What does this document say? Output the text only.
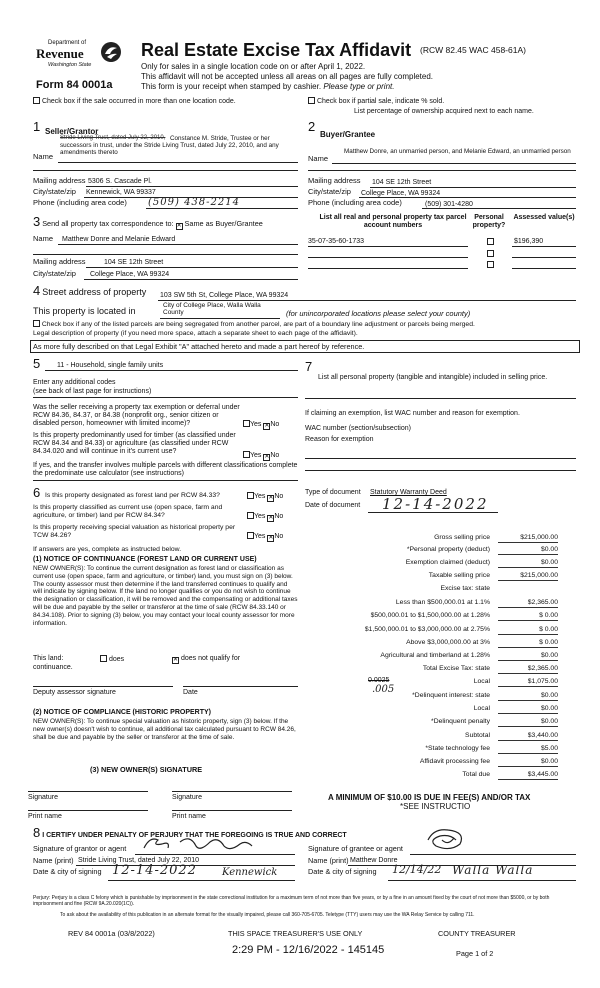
Department of
Revenue
Washington State
Form 84 0001a
Real Estate Excise Tax Affidavit (RCW 82.45 WAC 458-61A)
Only for sales in a single location code on or after April 1, 2022.
This affidavit will not be accepted unless all areas on all pages are fully completed.
This form is your receipt when stamped by cashier. Please type or print.
Check box if the sale occurred in more than one location code.	Check box if partial sale, indicate % sold.
List percentage of ownership acquired next to each name.
1 Seller/Grantor
Stride Living Trust, dated July 22, 2010, Constance M. Stride, Trustee or her successors in trust, under the Stride Living Trust, dated July 22, 2010, and any amendments thereto
Name
Mailing address 5306 S. Cascade Pl.
City/state/zip Kennewick, WA 99337
Phone (including area code) (509) 438-2214
2
Buyer/Grantee
Matthew Donre, an unmarried person, and Melanie Edward, an unmarried person
Name
Mailing address 104 SE 12th Street
City/state/zip College Place, WA 99324
Phone (including area code)	(509) 301-4280
3 Send all property tax correspondence to: ✕ Same as Buyer/Grantee
Name Matthew Donre and Melanie Edward
Mailing address	104 SE 12th Street
City/state/zip College Place, WA 99324
List all real and personal property tax parcel account numbers
Personal property?
Assessed value(s)
35-07-35-60-1733	$196,390
4 Street address of property 103 SW 5th St, College Place, WA 99324
This property is located in
City of College Place, Walla Walla County	(for unincorporated locations please select your county)
Check box if any of the listed parcels are being segregated from another parcel, are part of a boundary line adjustment or parcels being merged.
Legal description of property (if you need more space, attach a separate sheet to each page of the affidavit).
As more fully described on that Legal Exhibit "A" attached hereto and made a part hereof by reference.
5 11 - Household, single family units
Enter any additional codes
(see back of last page for instructions)
Was the seller receiving a property tax exemption or deferral under RCW 84.36, 84.37, or 84.38 (nonprofit org., senior citizen or disabled person, homeowner with limited income)?	Yes ✕No
Is this property predominantly used for timber (as classified under RCW 84.34 and 84.33) or agriculture (as classified under RCW 84.34.020 and will continue in it's current use?
Yes ✕No
If yes, and the transfer involves multiple parcels with different classifications complete the predominate use calculator (see instructions)
7
List all personal property (tangible and intangible) included in selling price.
If claiming an exemption, list WAC number and reason for exemption.
WAC number (section/subsection)
Reason for exemption
Type of document Statutory Warranty Deed
Date of document 12-14-2022
6 Is this property designated as forest land per RCW 84.33?	Yes ✕No
Is this property classified as current use (open space, farm and agriculture, or timber) land per RCW 84.34?	Yes ✕No
Is this property receiving special valuation as historical property per TCW 84.26?	Yes ✕No
If answers are yes, complete as instructed below.
(1) NOTICE OF CONTINUANCE (FOREST LAND OR CURRENT USE)
NEW OWNER(S): To continue the current designation as forest land or classification as current use (open space, farm and agriculture, or timber) land, you must sign on (3) below. The county assessor must then determine if the land transferred continues to qualify and will indicate by signing below. If the land no longer qualifies or you do not wish to continue the designation or classification, it will be removed and the compensating or additional taxes will be due and payable by the seller or transferor at the time of sale (RCW 84.33.140 or 84.34.108). Prior to signing (3) below, you may contact your local county assessor for more information.
This land:	does	✕ does not qualify for
continuance.
Deputy assessor signature	Date
(2) NOTICE OF COMPLIANCE (HISTORIC PROPERTY)
NEW OWNER(S): To continue special valuation as historic property, sign (3) below. If the new owner(s) doesn't wish to continue, all additional tax calculated pursuant to RCW 84.26, shall be due and payable by the seller or transferor at the time of sale.
(3) NEW OWNER(S) SIGNATURE
Signature	Signature
Print name	Print name
Gross selling price	$215,000.00
*Personal property (deduct)	$0.00
Exemption claimed (deduct)	$0.00
Taxable selling price	$215,000.00
Excise tax: state
Less than $500,000.01 at 1.1%	$2,365.00
$500,000.01 to $1,500,000.00 at 1.28%	$ 0.00
$1,500,000.01 to $3,000,000.00 at 2.75%	$ 0.00
Above $3,000,000.00 at 3%	$ 0.00
Agricultural and timberland at 1.28%	$0.00
Total Excise Tax: state	$2,365.00
Local	$1,075.00
*Delinquent interest: state	$0.00
Local	$0.00
*Delinquent penalty	$0.00
Subtotal	$3,440.00
*State technology fee	$5.00
Affidavit processing fee	$0.00
Total due	$3,445.00
0.0025
.005
A MINIMUM OF $10.00 IS DUE IN FEE(S) AND/OR TAX
*SEE INSTRUCTIO
8 I CERTIFY UNDER PENALTY OF PERJURY THAT THE FOREGOING IS TRUE AND CORRECT
Signature of grantor or agent	Signature of grantee or agent
Name (print) Stride Living Trust, dated July 22, 2010	Name (print) Matthew Donre
Date & city of signing 12-14-2022	Kennewick	Date & city of signing 12/14/22 Walla Walla
Perjury: Perjury is a class C felony which is punishable by imprisonment in the state correctional institution for a maximum term of not more than five years, or by a fine in an amount fixed by the court of not more than $5000, or by both imprisonment and fine (RCW 9A.20.020(1C)).
To ask about the availability of this publication in an alternate format for the visually impaired, please call 360-705-6705. Teletype (TTY) users may use the WA Relay Service by calling 711.
REV 84 0001a (03/8/2022)	THIS SPACE TREASURER'S USE ONLY	COUNTY TREASURER
2:29 PM - 12/16/2022 - 145145	Page 1 of 2
